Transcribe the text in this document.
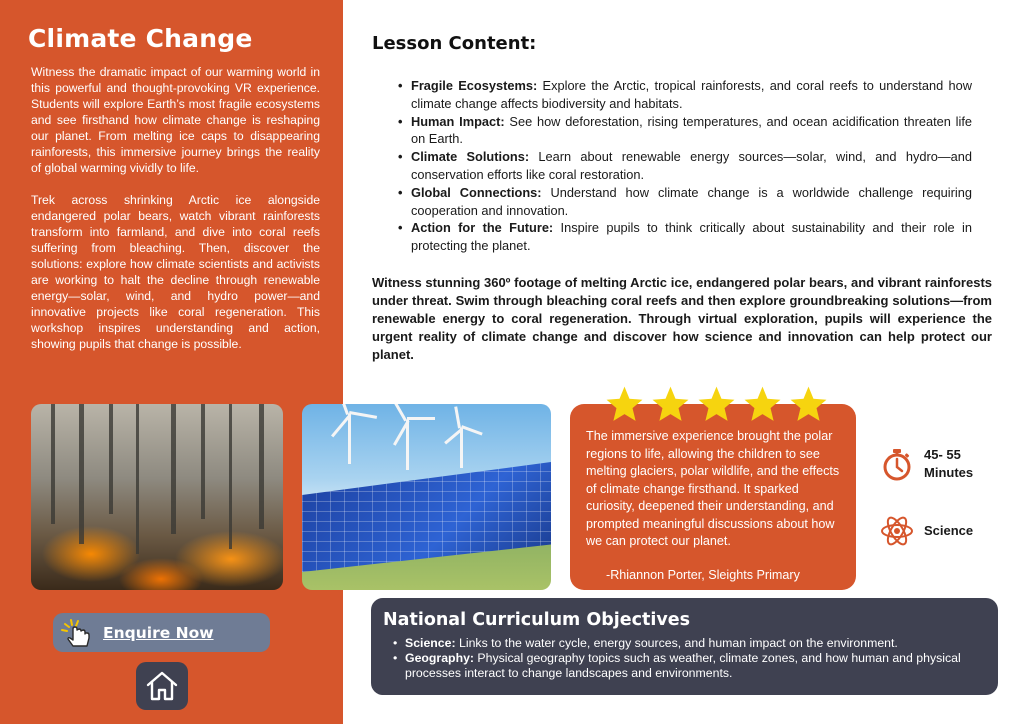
Climate Change

Witness the dramatic impact of our warming world in this powerful and thought-provoking VR experience. Students will explore Earth’s most fragile ecosystems and see firsthand how climate change is reshaping our planet. From melting ice caps to disappearing rainforests, this immersive journey brings the reality of global warming vividly to life.

Trek across shrinking Arctic ice alongside endangered polar bears, watch vibrant rainforests transform into farmland, and dive into coral reefs suffering from bleaching. Then, discover the solutions: explore how climate scientists and activists are working to halt the decline through renewable energy—solar, wind, and hydro power—and innovative projects like coral regeneration. This workshop inspires understanding and action, showing pupils that change is possible.

The immersive experience brought the polar regions to life, allowing the children to see melting glaciers, polar wildlife, and the effects of climate change firsthand. It sparked curiosity, deepened their understanding, and prompted meaningful discussions about how we can protect our planet.

-Rhiannon Porter, Sleights Primary

45- 55
Minutes
Science
Lesson Content:
• Fragile Ecosystems: Explore the Arctic, tropical rainforests, and coral reefs to understand how climate change affects biodiversity and habitats.
• Human Impact: See how deforestation, rising temperatures, and ocean acidification threaten life on Earth.
• Climate Solutions: Learn about renewable energy sources—solar, wind, and hydro—and conservation efforts like coral restoration.
• Global Connections: Understand how climate change is a worldwide challenge requiring cooperation and innovation.
• Action for the Future: Inspire pupils to think critically about sustainability and their role in protecting the planet.

Witness stunning 360º footage of melting Arctic ice, endangered polar bears, and vibrant rainforests under threat. Swim through bleaching coral reefs and then explore groundbreaking solutions—from renewable energy to coral regeneration. Through virtual exploration, pupils will experience the urgent reality of climate change and discover how science and innovation can help protect our planet.

National Curriculum Objectives
• Science: Links to the water cycle, energy sources, and human impact on the environment.
• Geography: Physical geography topics such as weather, climate zones, and how human and physical processes interact to change landscapes and environments.
Enquire Now
